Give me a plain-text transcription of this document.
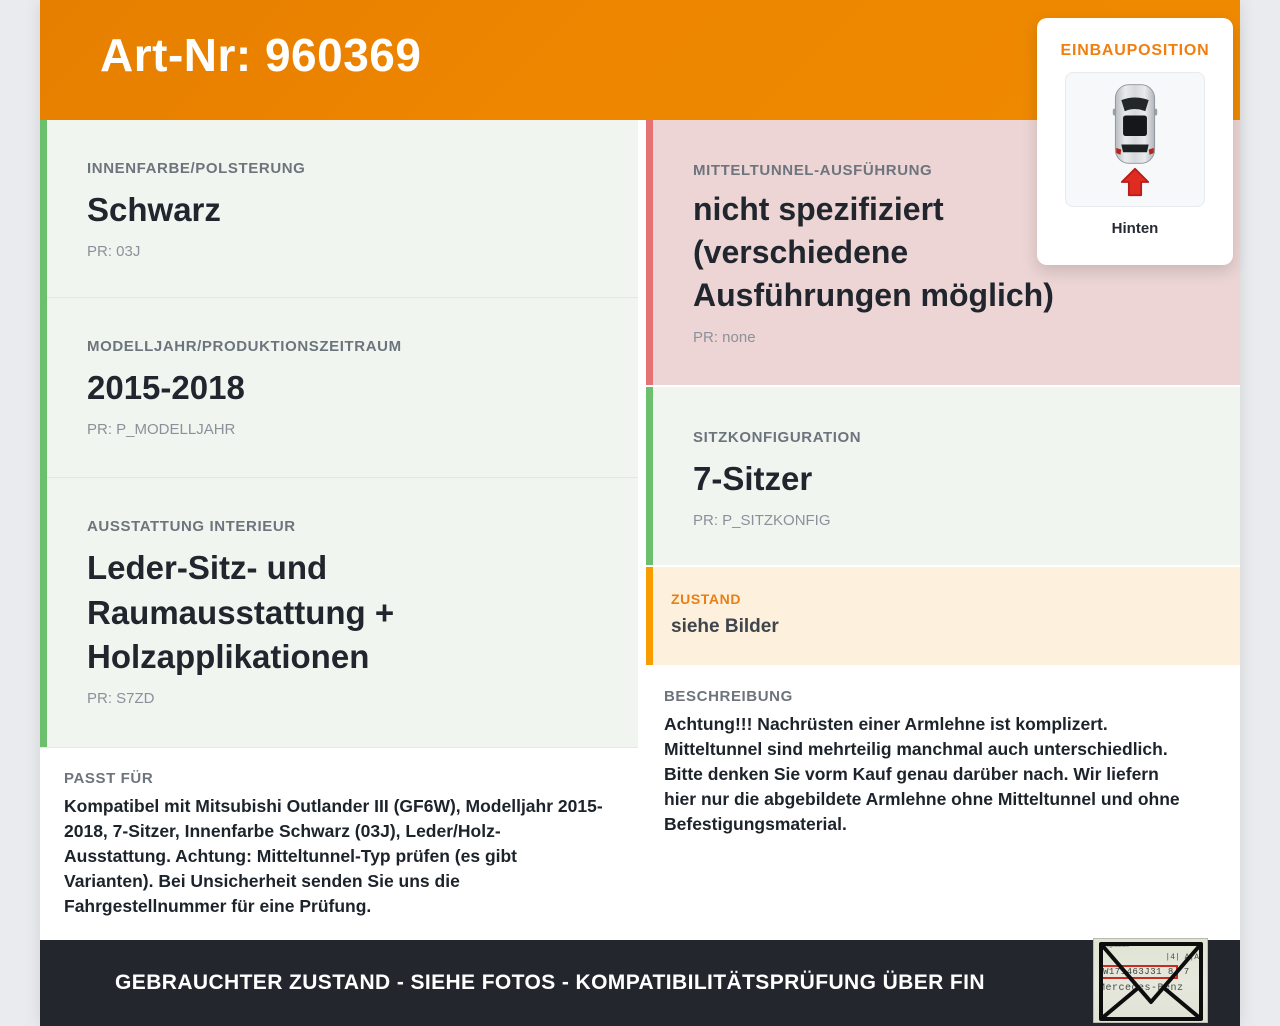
Art-Nr: 960369
INNENFARBE/POLSTERUNG
Schwarz
PR: 03J
MODELLJAHR/PRODUKTIONSZEITRAUM
2015-2018
PR: P_MODELLJAHR
AUSSTATTUNG INTERIEUR
Leder-Sitz- und Raumausstattung + Holzapplikationen
PR: S7ZD
PASST FÜR

Kompatibel mit Mitsubishi Outlander III (GF6W), Modelljahr 2015-2018, 7-Sitzer, Innenfarbe Schwarz (03J), Leder/Holz-Ausstattung. Achtung: Mitteltunnel-Typ prüfen (es gibt Varianten). Bei Unsicherheit senden Sie uns die Fahrgestellnummer für eine Prüfung.

MITTELTUNNEL-AUSFÜHRUNG
nicht spezifiziert (verschiedene Ausführungen möglich)
PR: none
SITZKONFIGURATION
7-Sitzer
PR: P_SITZKONFIG
ZUSTAND
siehe Bilder
BESCHREIBUNG

Achtung!!! Nachrüsten einer Armlehne ist komplizert. Mitteltunnel sind mehrteilig manchmal auch unterschiedlich. Bitte denken Sie vorm Kauf genau darüber nach. Wir liefern hier nur die abgebildete Armlehne ohne Mitteltunnel und ohne Befestigungsmaterial.

GEBRAUCHTER ZUSTAND - SIEHE FOTOS - KOMPATIBILITÄTSPRÜFUNG ÜBER FIN
EINBAUPOSITION
Hinten
Fahrgestellnr.
|4| A|A
W171463J31 8 7
Mercedes-Benz
